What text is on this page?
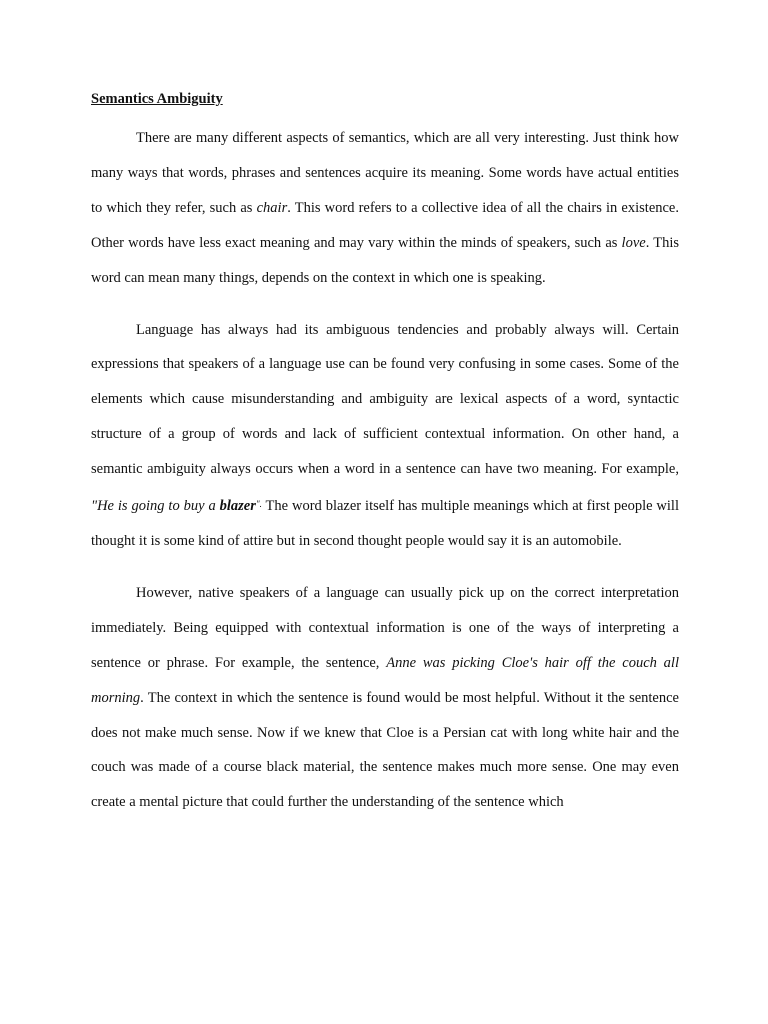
Semantics Ambiguity

There are many different aspects of semantics, which are all very interesting. Just think how many ways that words, phrases and sentences acquire its meaning. Some words have actual entities to which they refer, such as chair. This word refers to a collective idea of all the chairs in existence. Other words have less exact meaning and may vary within the minds of speakers, such as love. This word can mean many things, depends on the context in which one is speaking.

Language has always had its ambiguous tendencies and probably always will. Certain expressions that speakers of a language use can be found very confusing in some cases. Some of the elements which cause misunderstanding and ambiguity are lexical aspects of a word, syntactic structure of a group of words and lack of sufficient contextual information. On other hand, a semantic ambiguity always occurs when a word in a sentence can have two meaning. For example, "He is going to buy a blazer". The word blazer itself has multiple meanings which at first people will thought it is some kind of attire but in second thought people would say it is an automobile.

However, native speakers of a language can usually pick up on the correct interpretation immediately. Being equipped with contextual information is one of the ways of interpreting a sentence or phrase. For example, the sentence, Anne was picking Cloe's hair off the couch all morning. The context in which the sentence is found would be most helpful. Without it the sentence does not make much sense. Now if we knew that Cloe is a Persian cat with long white hair and the couch was made of a course black material, the sentence makes much more sense. One may even create a mental picture that could further the understanding of the sentence which
